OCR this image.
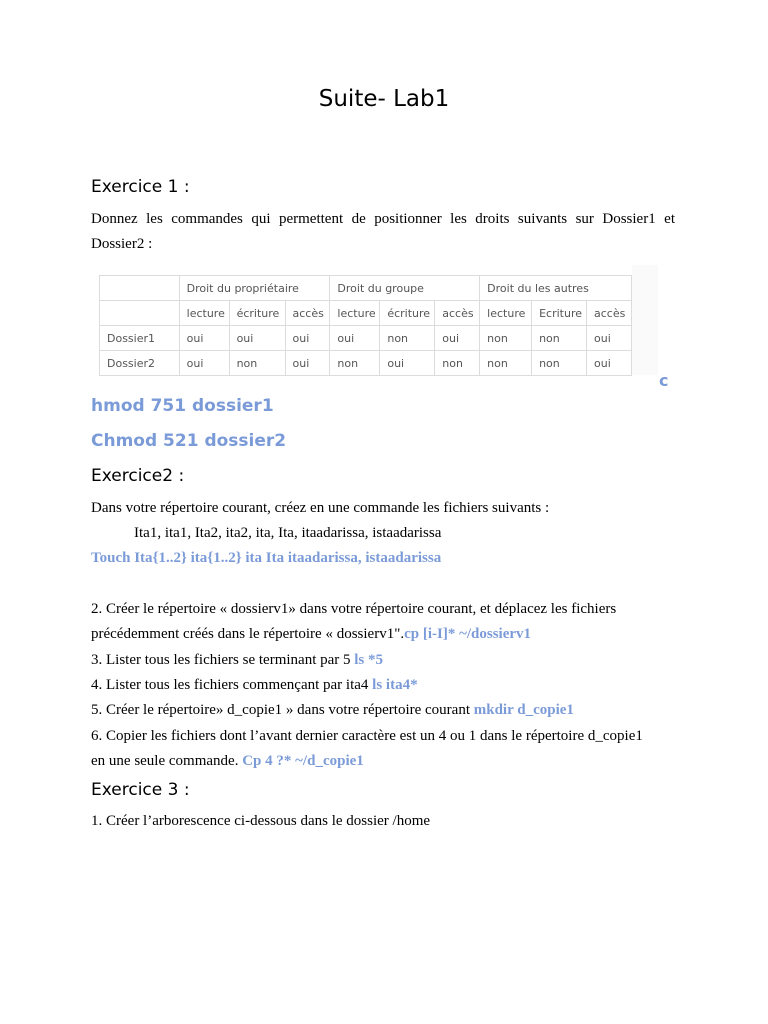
Suite- Lab1
Exercice 1 :
Donnez les commandes qui permettent de positionner les droits suivants sur Dossier1 et
Dossier2 :
	Droit du propriétaire			Droit du groupe			Droit du les autres		
	lecture	écriture	accès	lecture	écriture	accès	lecture	Ecriture	accès
Dossier1	oui	oui	oui	oui	non	oui	non	non	oui
Dossier2	oui	non	oui	non	oui	non	non	non	oui
c
hmod 751 dossier1
Chmod 521 dossier2
Exercice2 :
Dans votre répertoire courant, créez en une commande les fichiers suivants :
Ita1, ita1, Ita2, ita2, ita, Ita, itaadarissa, istaadarissa
Touch Ita{1..2} ita{1..2} ita Ita itaadarissa, istaadarissa
2. Créer le répertoire « dossierv1» dans votre répertoire courant, et déplacez les fichiers
précédemment créés dans le répertoire « dossierv1".cp [i-I]* ~/dossierv1
3. Lister tous les fichiers se terminant par 5 ls *5
4. Lister tous les fichiers commençant par ita4 ls ita4*
5. Créer le répertoire» d_copie1 » dans votre répertoire courant mkdir d_copie1
6. Copier les fichiers dont l’avant dernier caractère est un 4 ou 1 dans le répertoire d_copie1
en une seule commande. Cp 4 ?* ~/d_copie1
Exercice 3 :
1. Créer l’arborescence ci-dessous dans le dossier /home
